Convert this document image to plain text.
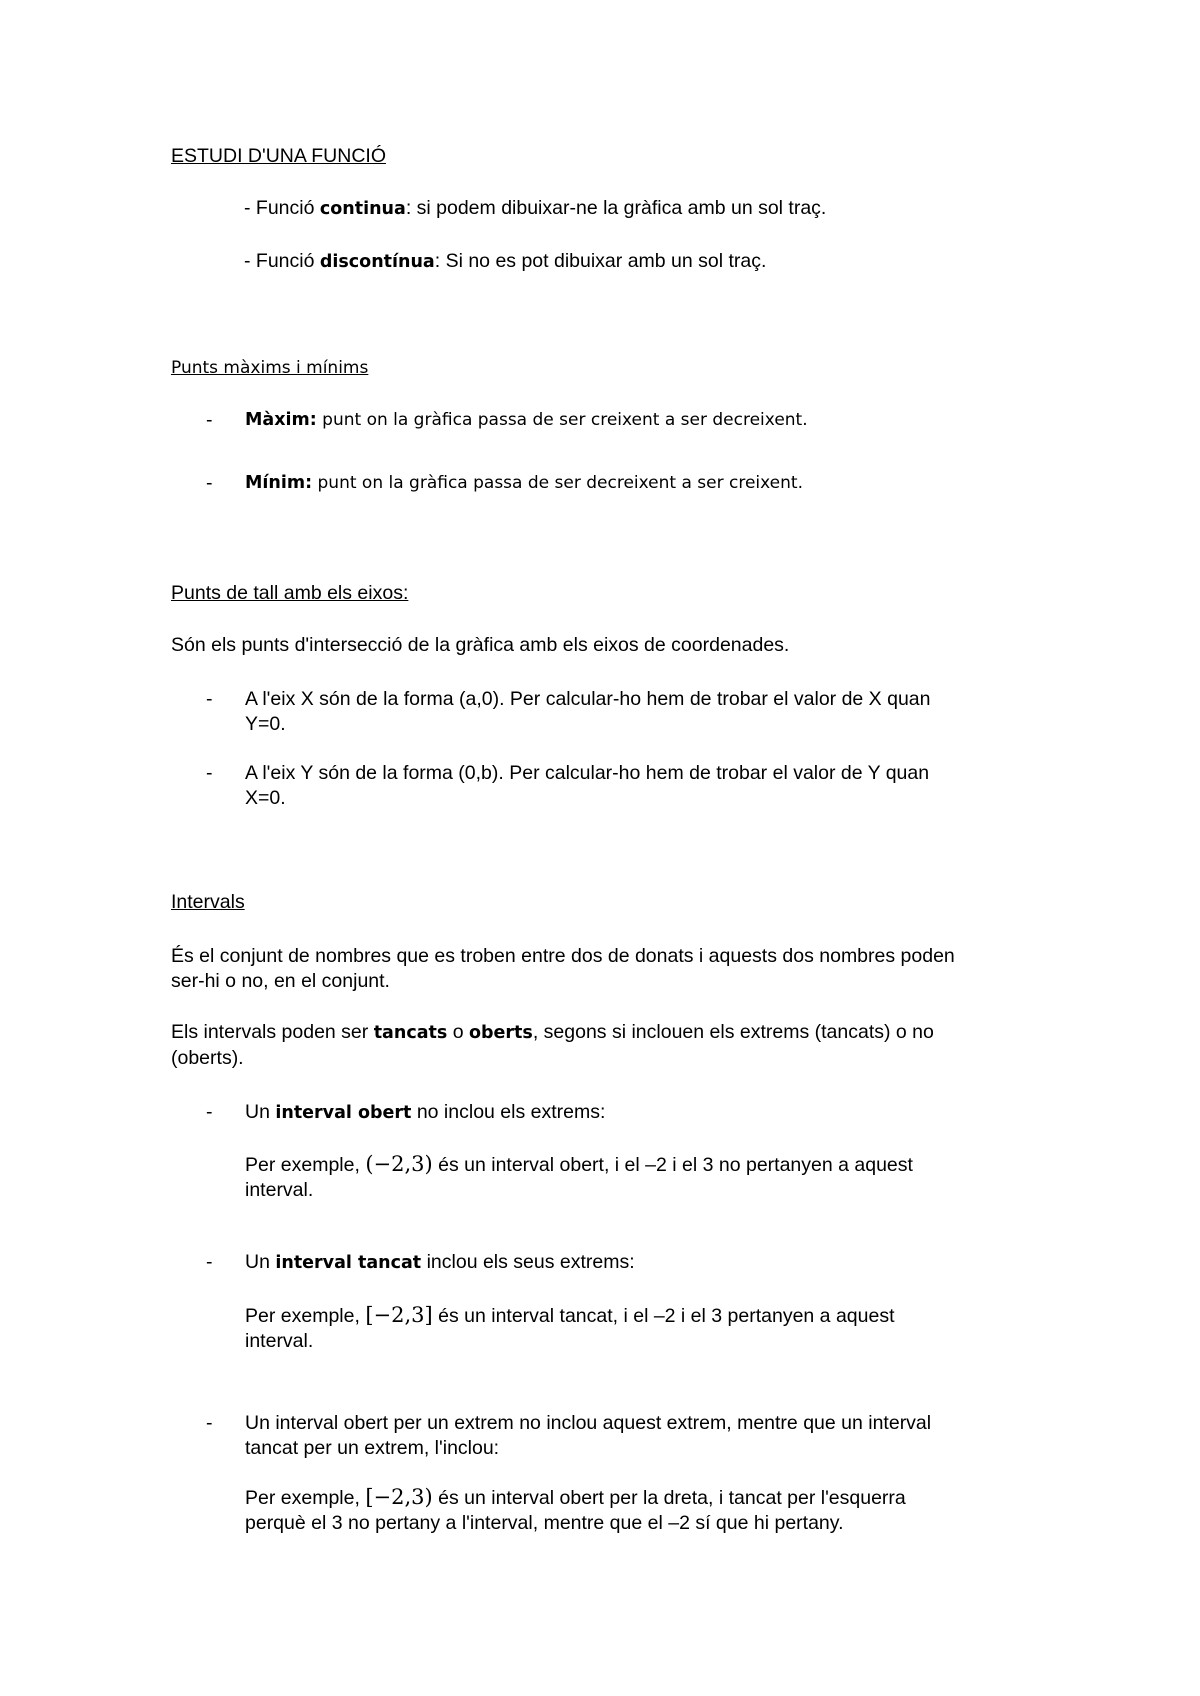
ESTUDI D'UNA FUNCIÓ
- Funció continua: si podem dibuixar-ne la gràfica amb un sol traç.
- Funció discontínua: Si no es pot dibuixar amb un sol traç.
Punts màxims i mínims
- Màxim: punt on la gràfica passa de ser creixent a ser decreixent.
- Mínim: punt on la gràfica passa de ser decreixent a ser creixent.
Punts de tall amb els eixos:
Són els punts d'intersecció de la gràfica amb els eixos de coordenades.
- A l'eix X són de la forma (a,0). Per calcular-ho hem de trobar el valor de X quan
Y=0.
- A l'eix Y són de la forma (0,b). Per calcular-ho hem de trobar el valor de Y quan
X=0.
Intervals
És el conjunt de nombres que es troben entre dos de donats i aquests dos nombres poden
ser-hi o no, en el conjunt.
Els intervals poden ser tancats o oberts, segons si inclouen els extrems (tancats) o no
(oberts).
- Un interval obert no inclou els extrems:
Per exemple, (−2,3) és un interval obert, i el –2 i el 3 no pertanyen a aquest
interval.
- Un interval tancat inclou els seus extrems:
Per exemple, [−2,3] és un interval tancat, i el –2 i el 3 pertanyen a aquest
interval.
- Un interval obert per un extrem no inclou aquest extrem, mentre que un interval
tancat per un extrem, l'inclou:
Per exemple, [−2,3) és un interval obert per la dreta, i tancat per l'esquerra
perquè el 3 no pertany a l'interval, mentre que el –2 sí que hi pertany.
